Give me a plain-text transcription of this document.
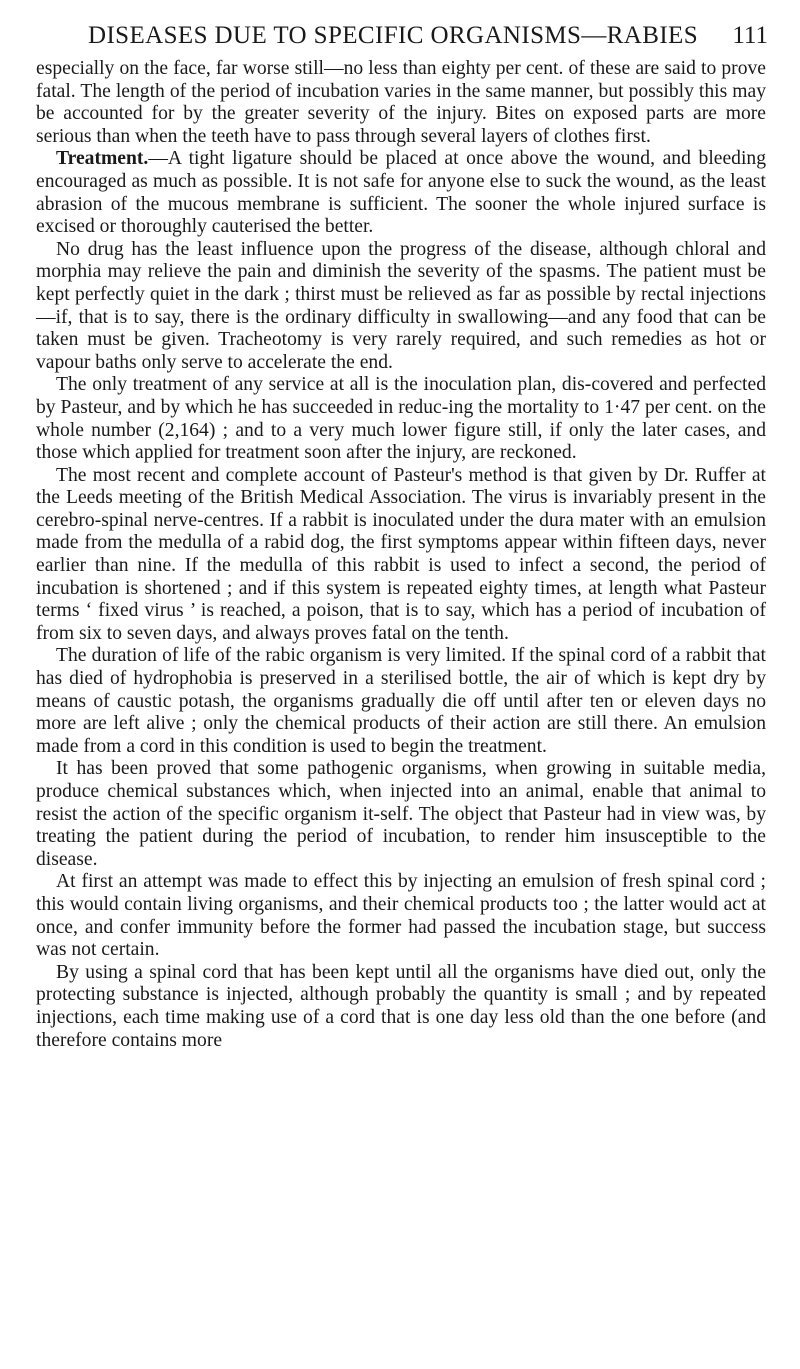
DISEASES DUE TO SPECIFIC ORGANISMS—RABIES 111

especially on the face, far worse still—no less than eighty per cent. of these are said to prove fatal. The length of the period of incubation varies in the same manner, but possibly this may be accounted for by the greater severity of the injury. Bites on exposed parts are more serious than when the teeth have to pass through several layers of clothes first.

Treatment.—A tight ligature should be placed at once above the wound, and bleeding encouraged as much as possible. It is not safe for anyone else to suck the wound, as the least abrasion of the mucous membrane is sufficient. The sooner the whole injured surface is excised or thoroughly cauterised the better.

No drug has the least influence upon the progress of the disease, although chloral and morphia may relieve the pain and diminish the severity of the spasms. The patient must be kept perfectly quiet in the dark ; thirst must be relieved as far as possible by rectal injections—if, that is to say, there is the ordinary difficulty in swallowing—and any food that can be taken must be given. Tracheotomy is very rarely required, and such remedies as hot or vapour baths only serve to accelerate the end.

The only treatment of any service at all is the inoculation plan, dis-covered and perfected by Pasteur, and by which he has succeeded in reduc-ing the mortality to 1·47 per cent. on the whole number (2,164) ; and to a very much lower figure still, if only the later cases, and those which applied for treatment soon after the injury, are reckoned.

The most recent and complete account of Pasteur's method is that given by Dr. Ruffer at the Leeds meeting of the British Medical Association. The virus is invariably present in the cerebro-spinal nerve-centres. If a rabbit is inoculated under the dura mater with an emulsion made from the medulla of a rabid dog, the first symptoms appear within fifteen days, never earlier than nine. If the medulla of this rabbit is used to infect a second, the period of incubation is shortened ; and if this system is repeated eighty times, at length what Pasteur terms ‘ fixed virus ’ is reached, a poison, that is to say, which has a period of incubation of from six to seven days, and always proves fatal on the tenth.

The duration of life of the rabic organism is very limited. If the spinal cord of a rabbit that has died of hydrophobia is preserved in a sterilised bottle, the air of which is kept dry by means of caustic potash, the organisms gradually die off until after ten or eleven days no more are left alive ; only the chemical products of their action are still there. An emulsion made from a cord in this condition is used to begin the treatment.

It has been proved that some pathogenic organisms, when growing in suitable media, produce chemical substances which, when injected into an animal, enable that animal to resist the action of the specific organism it-self. The object that Pasteur had in view was, by treating the patient during the period of incubation, to render him insusceptible to the disease.

At first an attempt was made to effect this by injecting an emulsion of fresh spinal cord ; this would contain living organisms, and their chemical products too ; the latter would act at once, and confer immunity before the former had passed the incubation stage, but success was not certain.

By using a spinal cord that has been kept until all the organisms have died out, only the protecting substance is injected, although probably the quantity is small ; and by repeated injections, each time making use of a cord that is one day less old than the one before (and therefore contains more
